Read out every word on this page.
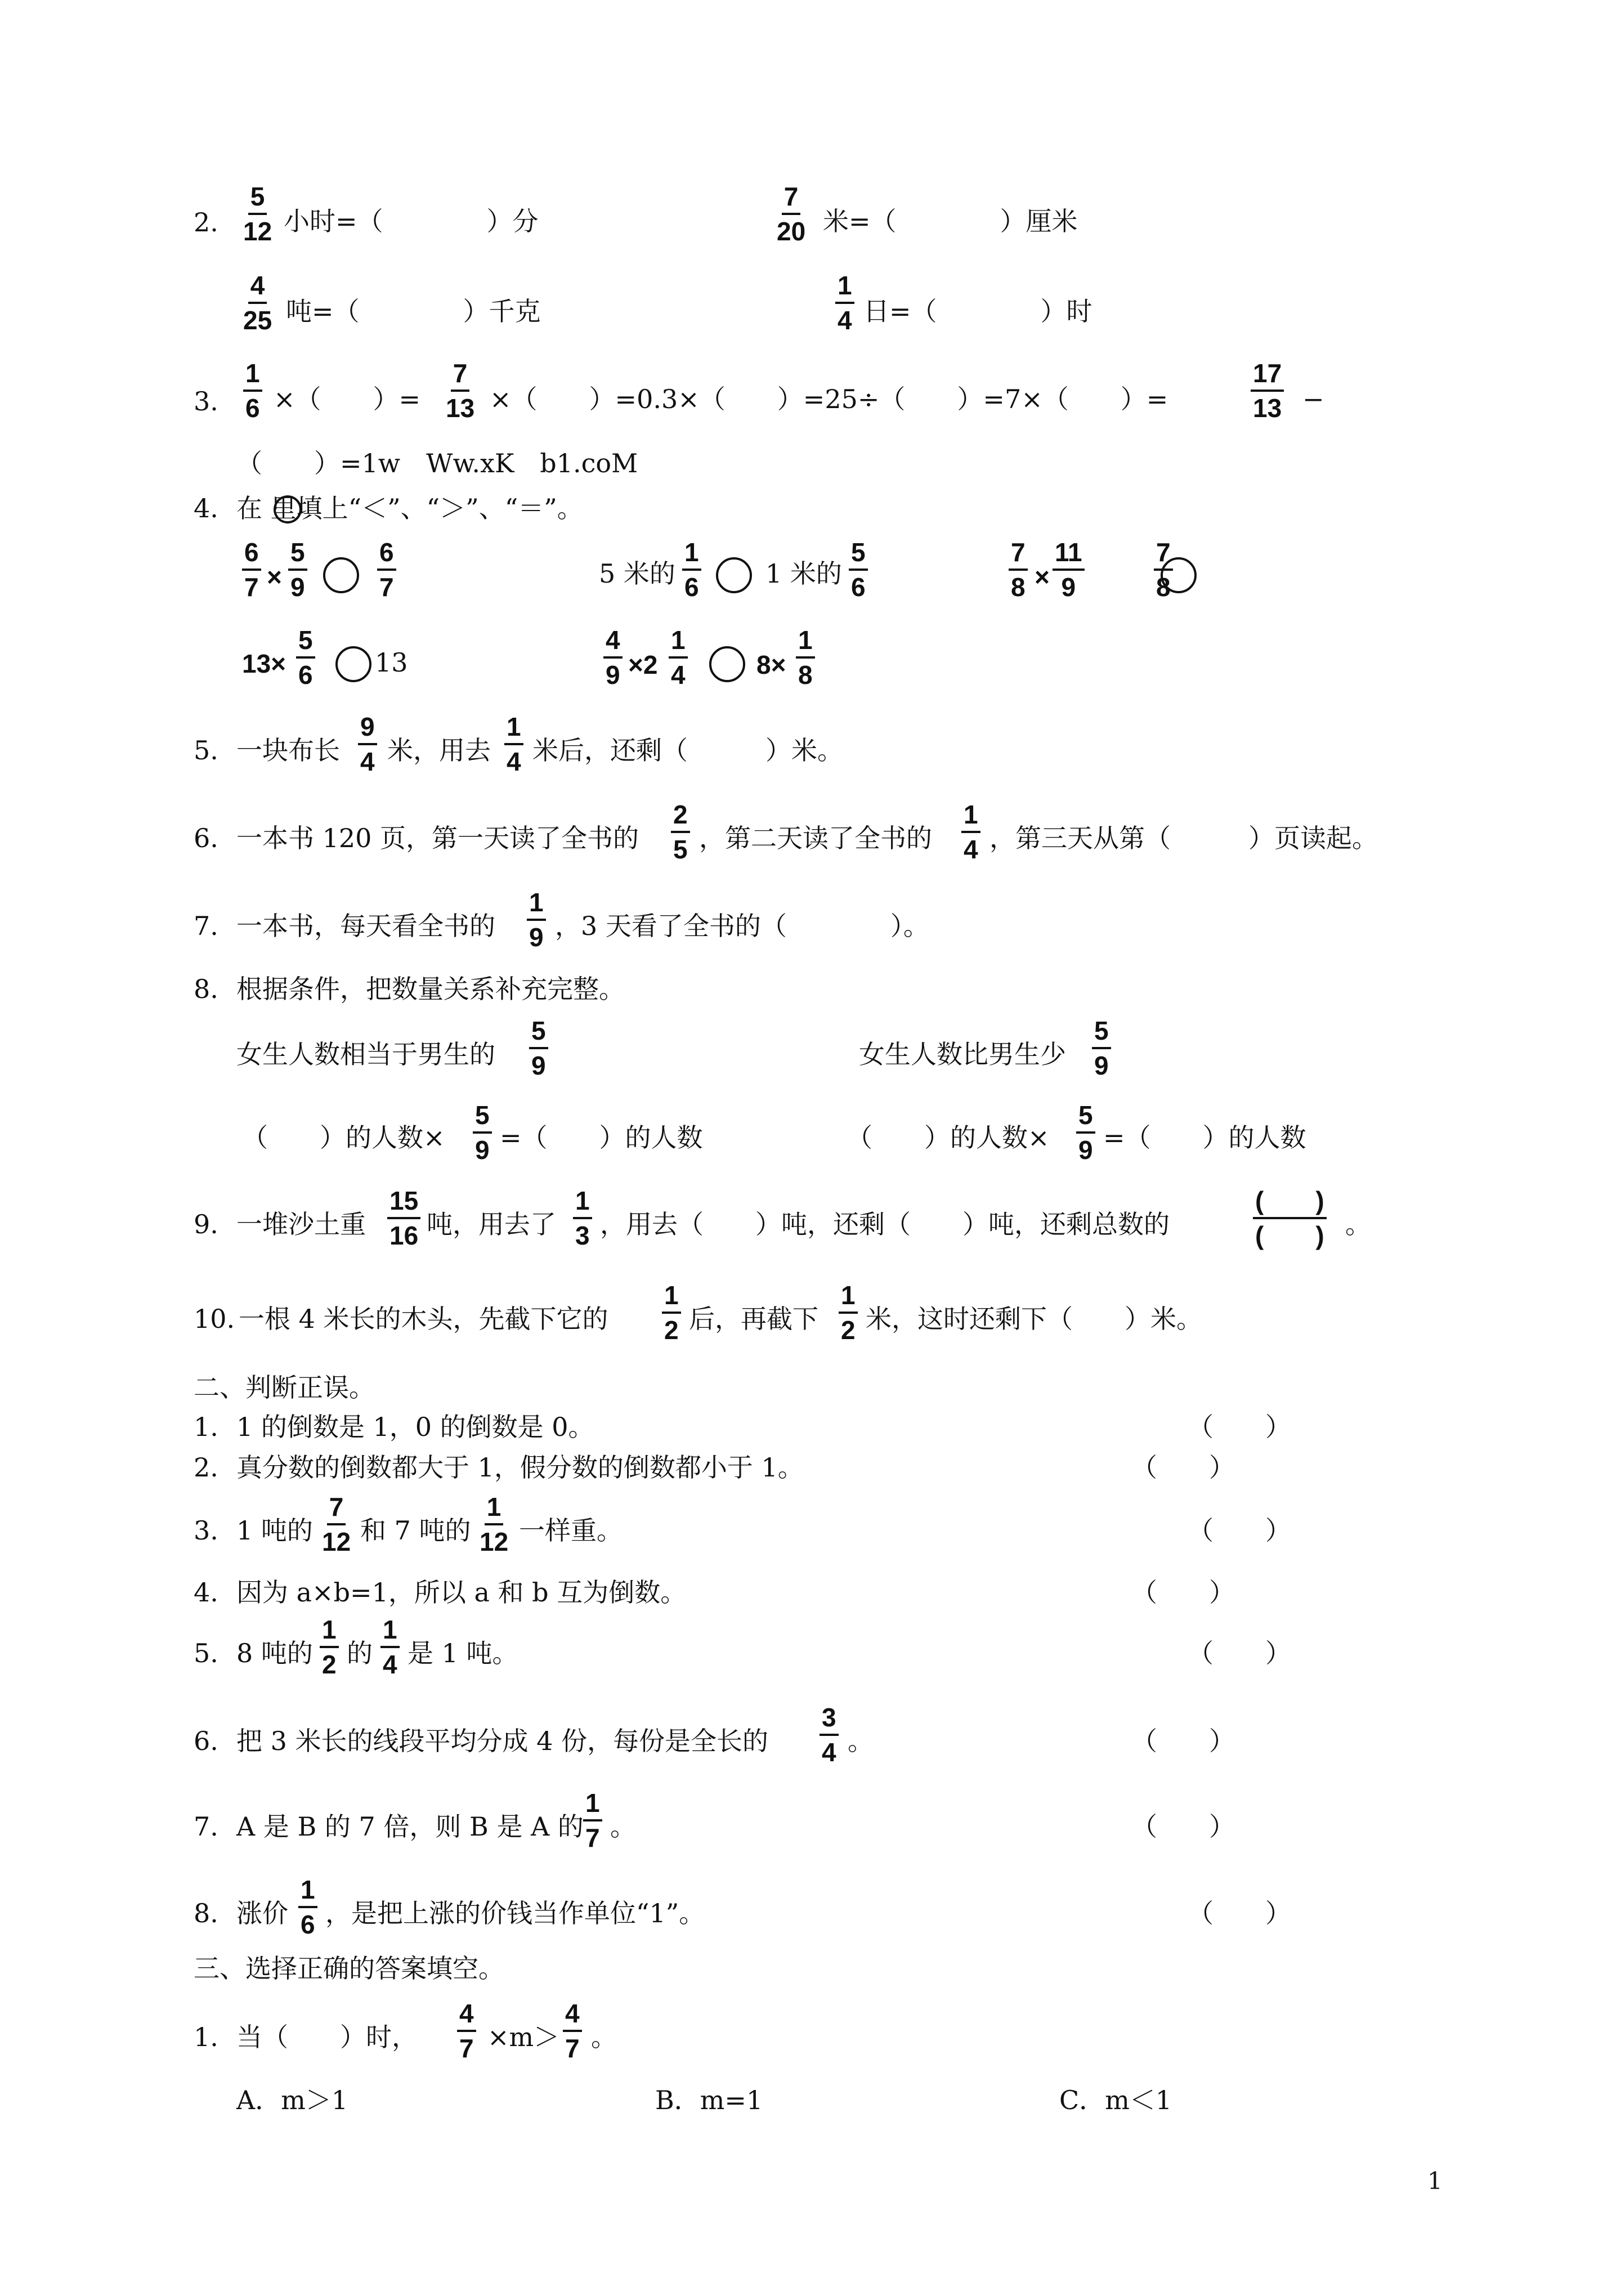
2.
5
12 小时=（　　　　）分
7
20 米=（　　　　）厘米
4
25 吨=（　　　　）千克
1
4 日=（　　　　）时
3.
1
6 ×（　　）=
7
13 ×（　　）=0.3×（　　）=25÷（　　）=7×（　　）=
17
13 −
（　　）=1w　Ww.xK　b1.coM
4. 在 里填上“＜”、“＞”、“＝”。
6
7 ×
5
9
6
7	5 米的
1
6	1 米的
5
6
7
8 ×
11
9
7
8
13×
5
6 13
4
9 ×2
1
4	8×
1
8
5. 一块布长
9
4 米，用去
1
4 米后，还剩（　　　）米。
6. 一本书 120 页，第一天读了全书的
2
5 ，第二天读了全书的
1
4 ，第三天从第（　　　）页读起。
7. 一本书，每天看全书的
1
9 ，3 天看了全书的（　　　　）。
8. 根据条件，把数量关系补充完整。
女生人数相当于男生的
5
9	女生人数比男生少
5
9
（　　）的人数×
5
9 =（　　）的人数	（　　）的人数×
5
9 =（　　）的人数
9. 一堆沙土重
15
16 吨，用去了
1
3 ，用去（　　）吨，还剩（　　）吨，还剩总数的
(　　)
(　　) 。
10. 一根 4 米长的木头，先截下它的
1
2 后，再截下
1
2 米，这时还剩下（　　）米。
二、判断正误。
1. 1 的倒数是 1，0 的倒数是 0。	（　　）
2. 真分数的倒数都大于 1，假分数的倒数都小于 1。	（　　）
3. 1 吨的
7
12 和 7 吨的
1
12 一样重。	（　　）
4. 因为 a×b=1，所以 a 和 b 互为倒数。	（　　）
5. 8 吨的
1
2 的
1
4 是 1 吨。	（　　）
6. 把 3 米长的线段平均分成 4 份，每份是全长的
3
4 。	（　　）
7. A 是 B 的 7 倍，则 B 是 A 的
1
7 。	（　　）
8. 涨价
1
6 ，是把上涨的价钱当作单位“1”。	（　　）
三、选择正确的答案填空。
1. 当（　　）时，
4
7 ×m＞
4
7 。
A．m＞1	B．m=1	C．m＜1
1
